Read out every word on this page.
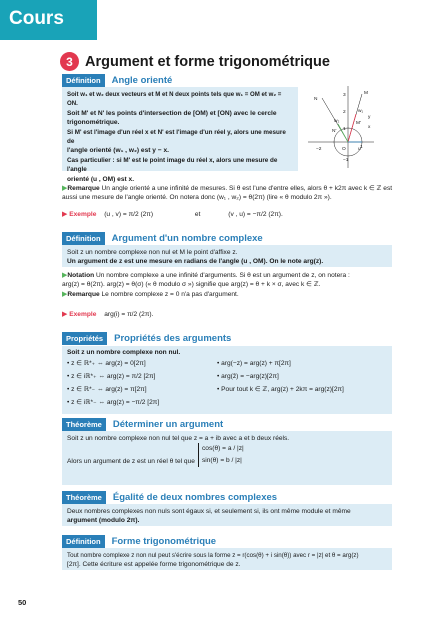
Cours
3 Argument et forme trigonométrique
Définition	Angle orienté

Soit w₁ et w₂ deux vecteurs et M et N deux points tels que w₁ = OM et w₂ = ON.

Soit M' et N' les points d'intersection de [OM) et [ON) avec le cercle

trigonométrique.

Si M' est l'image d'un réel x et N' est l'image d'un réel y, alors une mesure de

l'angle orienté (w₁ , w₂) est y − x.

Cas particulier : si M' est le point image du réel x, alors une mesure de l'angle

orienté (u , OM) est x.

M
N
M'
N'
O
w₁
w₂
u
y
x
3
2
1
−2	1
−1
▶Remarque Un angle orienté a une infinité de mesures. Si θ est l'une d'entre elles, alors θ + k2π avec k ∈ ℤ est
aussi une mesure de l'angle orienté. On notera donc (w₁ , w₂) = θ(2π) (lire « θ modulo 2π »).
▶ Exemple (u , v) = π/2 (2π)	et	(v , u) = −π/2 (2π).
Définition	Argument d'un nombre complexe

Soit z un nombre complexe non nul et M le point d'affixe z.

Un argument de z est une mesure en radians de l'angle (u , OM). On le note arg(z).

▶Notation Un nombre complexe a une infinité d'arguments. Si θ est un argument de z, on notera :
arg(z) = θ(2π). arg(z) = θ(σ) (« θ modulo σ ») signifie que arg(z) = θ + k × σ, avec k ∈ ℤ.
▶Remarque Le nombre complexe z = 0 n'a pas d'argument.
▶ Exemple arg(i) = π/2 (2π).
Propriétés	Propriétés des arguments
Soit z un nombre complexe non nul.
• z ∈ ℝ*₊ ⇔ arg(z) = 0[2π]
• z ∈ iℝ*₊ ⇔ arg(z) = π/2 [2π]
• z ∈ ℝ*₋ ⇔ arg(z) = π[2π]
• z ∈ iℝ*₋ ⇔ arg(z) = −π/2 [2π]
• arg(−z) = arg(z) + π[2π]
• arg(z̄) = −arg(z)[2π]
• Pour tout k ∈ ℤ, arg(z) + 2kπ = arg(z)[2π]
Théorème	Déterminer un argument

Soit z un nombre complexe non nul tel que z = a + ib avec a et b deux réels.

Alors un argument de z est un réel θ tel que

cos(θ) = a / |z|
sin(θ) = b / |z|
Théorème	Égalité de deux nombres complexes

Deux nombres complexes non nuls sont égaux si, et seulement si, ils ont même module et même

argument (modulo 2π).

Définition	Forme trigonométrique

Tout nombre complexe z non nul peut s'écrire sous la forme z = r(cos(θ) + i sin(θ)) avec r = |z| et θ = arg(z)

[2π]. Cette écriture est appelée forme trigonométrique de z.

50
